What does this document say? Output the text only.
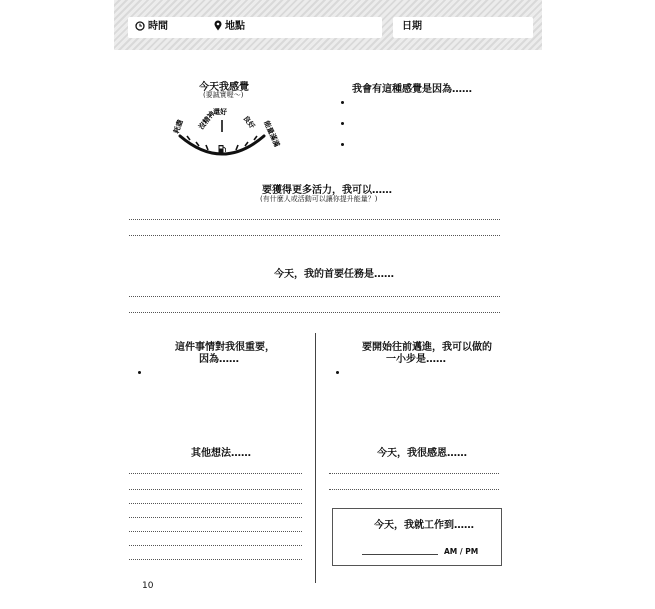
時間	地點	日期
今天我感覺
(要誠實喔～)
耗盡 沒精神
還好
良好 能量滿滿
我會有這種感覺是因為……
要獲得更多活力，我可以……
(有什麼人或活動可以讓你提升能量？)
今天，我的首要任務是……
這件事情對我很重要，
因為……
要開始往前邁進，我可以做的
一小步是……
其他想法……	今天，我很感恩……
今天，我就工作到……
AM / PM
10
